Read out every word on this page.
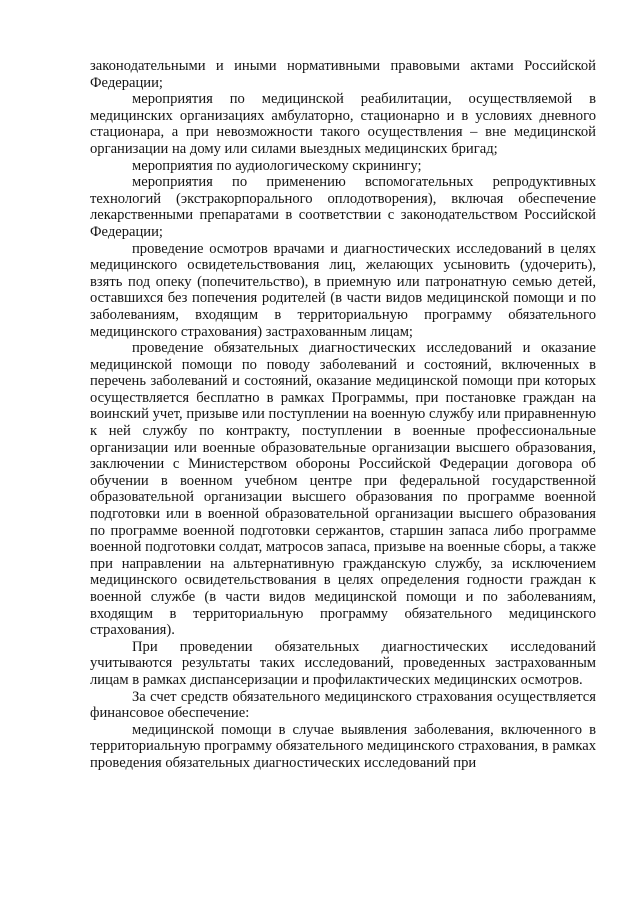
законодательными и иными нормативными правовыми актами Российской Федерации;

мероприятия по медицинской реабилитации, осуществляемой в медицинских организациях амбулаторно, стационарно и в условиях дневного стационара, а при невозможности такого осуществления – вне медицинской организации на дому или силами выездных медицинских бригад;

мероприятия по аудиологическому скринингу;

мероприятия по применению вспомогательных репродуктивных технологий (экстракорпорального оплодотворения), включая обеспечение лекарственными препаратами в соответствии с законодательством Российской Федерации;

проведение осмотров врачами и диагностических исследований в целях медицинского освидетельствования лиц, желающих усыновить (удочерить), взять под опеку (попечительство), в приемную или патронатную семью детей, оставшихся без попечения родителей (в части видов медицинской помощи и по заболеваниям, входящим в территориальную программу обязательного медицинского страхования) застрахованным лицам;

проведение обязательных диагностических исследований и оказание медицинской помощи по поводу заболеваний и состояний, включенных в перечень заболеваний и состояний, оказание медицинской помощи при которых осуществляется бесплатно в рамках Программы, при постановке граждан на воинский учет, призыве или поступлении на военную службу или приравненную к ней службу по контракту, поступлении в военные профессиональные организации или военные образовательные организации высшего образования, заключении с Министерством обороны Российской Федерации договора об обучении в военном учебном центре при федеральной государственной образовательной организации высшего образования по программе военной подготовки или в военной образовательной организации высшего образования по программе военной подготовки сержантов, старшин запаса либо программе военной подготовки солдат, матросов запаса, призыве на военные сборы, а также при направлении на альтернативную гражданскую службу, за исключением медицинского освидетельствования в целях определения годности граждан к военной службе (в части видов медицинской помощи и по заболеваниям, входящим в территориальную программу обязательного медицинского страхования).

При проведении обязательных диагностических исследований учитываются результаты таких исследований, проведенных застрахованным лицам в рамках диспансеризации и профилактических медицинских осмотров.

За счет средств обязательного медицинского страхования осуществляется финансовое обеспечение:

медицинской помощи в случае выявления заболевания, включенного в территориальную программу обязательного медицинского страхования, в рамках проведения обязательных диагностических исследований при
